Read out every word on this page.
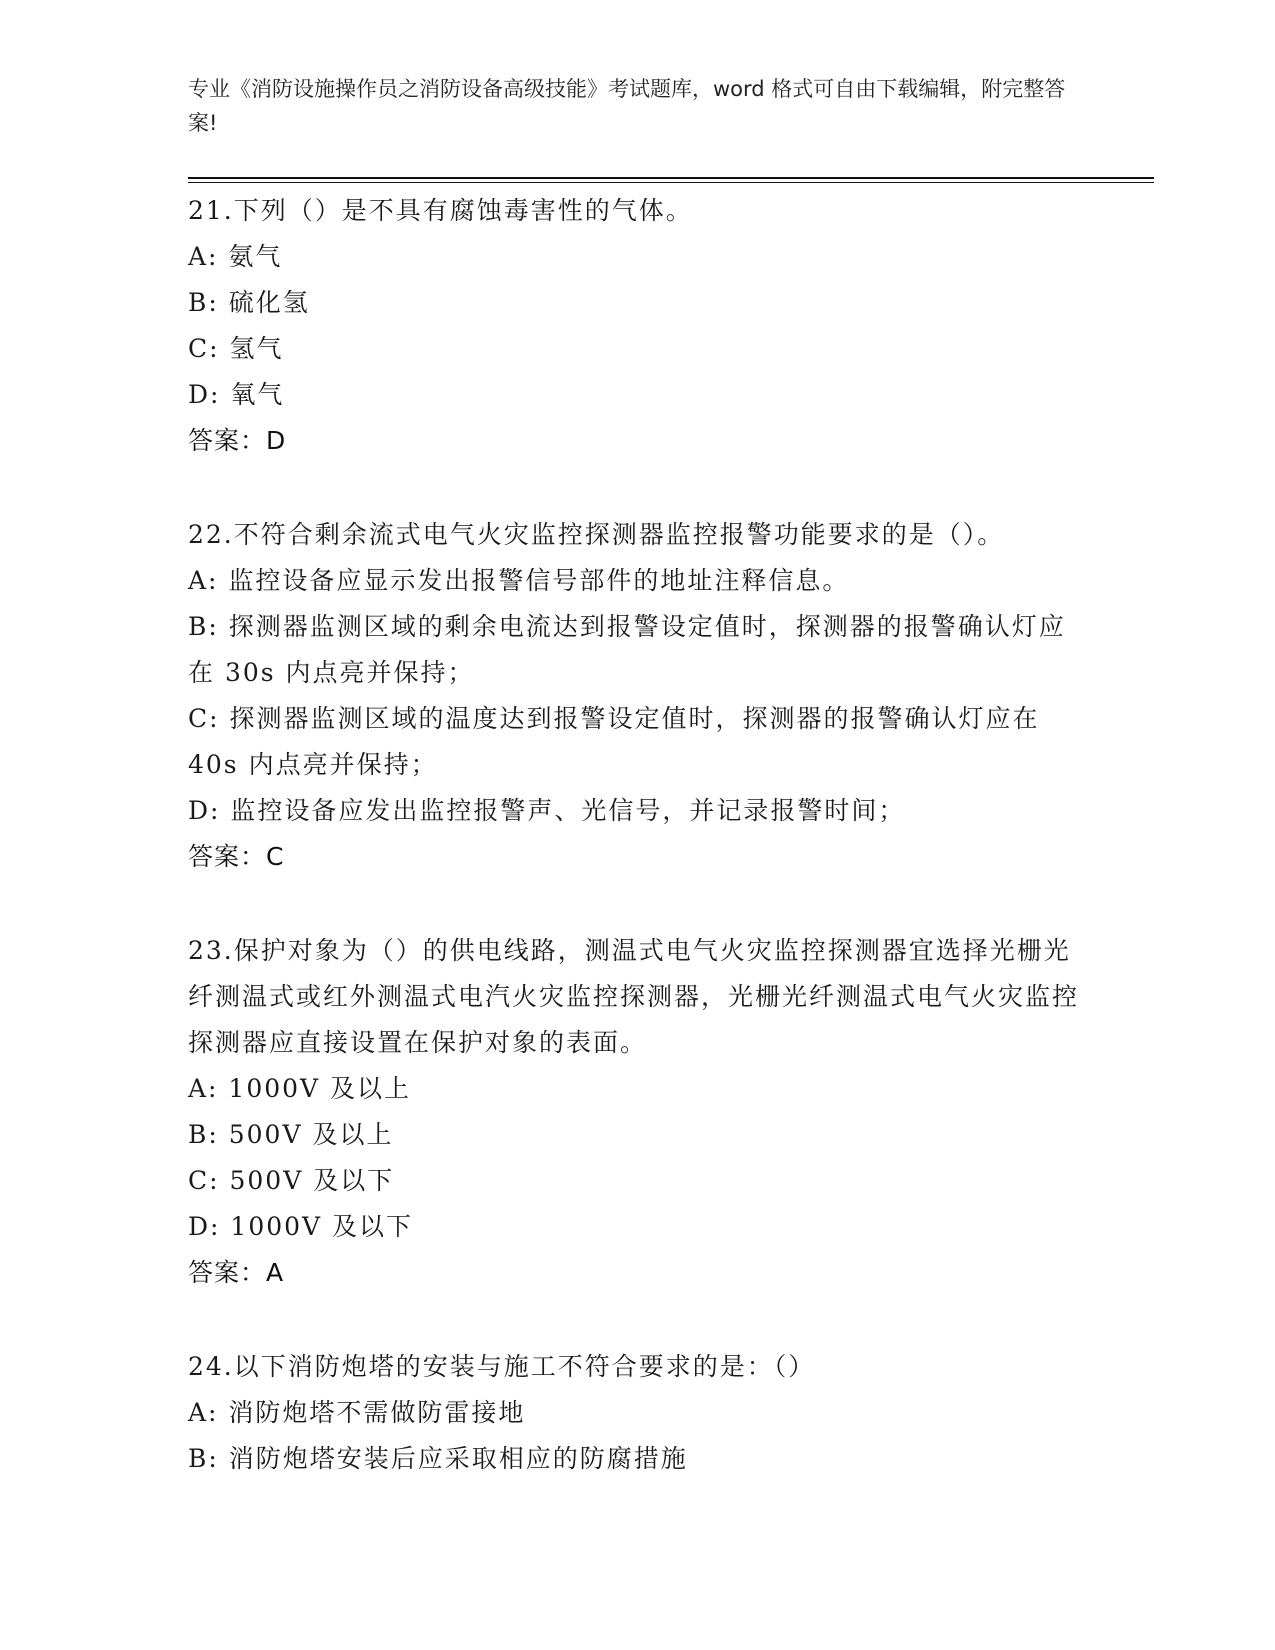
专业《消防设施操作员之消防设备高级技能》考试题库，word 格式可自由下载编辑，附完整答案!
21.下列（）是不具有腐蚀毒害性的气体。
A: 氨气
B: 硫化氢
C: 氢气
D: 氧气
答案：D
22.不符合剩余流式电气火灾监控探测器监控报警功能要求的是（）。
A: 监控设备应显示发出报警信号部件的地址注释信息。
B: 探测器监测区域的剩余电流达到报警设定值时，探测器的报警确认灯应在 30s 内点亮并保持；
C: 探测器监测区域的温度达到报警设定值时，探测器的报警确认灯应在 40s 内点亮并保持；
D: 监控设备应发出监控报警声、光信号，并记录报警时间；
答案：C
23.保护对象为（）的供电线路，测温式电气火灾监控探测器宜选择光栅光纤测温式或红外测温式电汽火灾监控探测器，光栅光纤测温式电气火灾监控探测器应直接设置在保护对象的表面。
A: 1000V 及以上
B: 500V 及以上
C: 500V 及以下
D: 1000V 及以下
答案：A
24.以下消防炮塔的安装与施工不符合要求的是：（）
A: 消防炮塔不需做防雷接地
B: 消防炮塔安装后应采取相应的防腐措施
